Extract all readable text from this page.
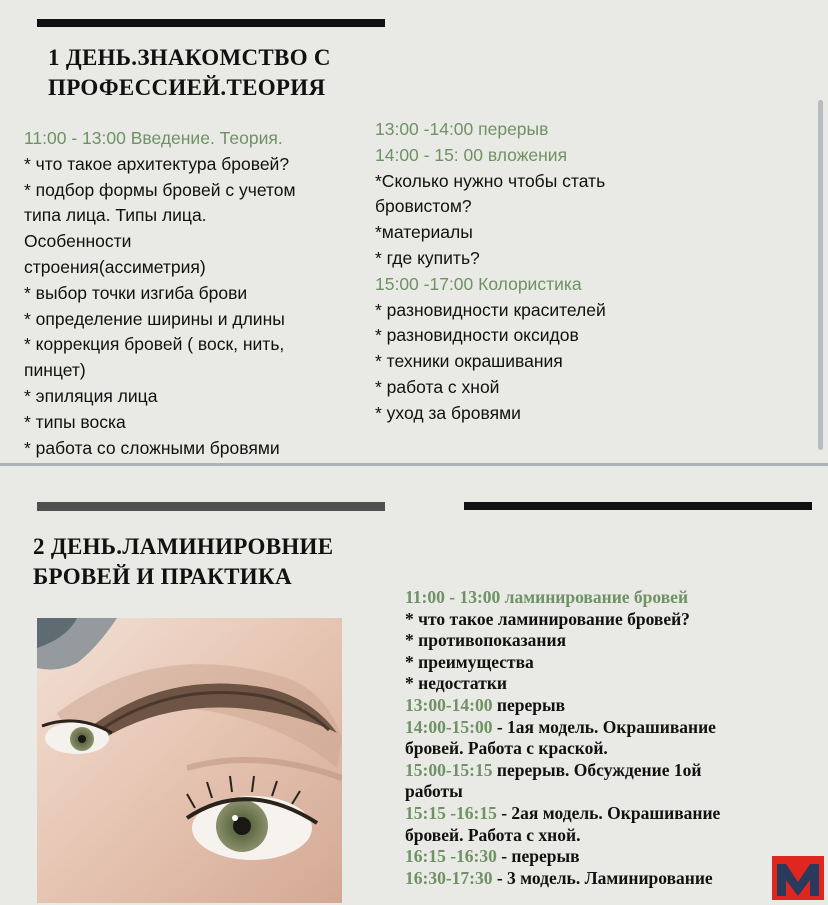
1 ДЕНЬ.ЗНАКОМСТВО С
ПРОФЕССИЕЙ.ТЕОРИЯ
11:00 - 13:00 Введение. Теория.
* что такое архитектура бровей?
* подбор формы бровей с учетом
типа лица. Типы лица.
Особенности
строения(ассиметрия)
* выбор точки изгиба брови
* определение ширины и длины
* коррекция бровей ( воск, нить,
пинцет)
* эпиляция лица
* типы воска
* работа со сложными бровями
13:00 -14:00 перерыв
14:00 - 15: 00 вложения
*Сколько нужно чтобы стать
бровистом?
*материалы
* где купить?
15:00 -17:00 Колористика
* разновидности красителей
* разновидности оксидов
* техники окрашивания
* работа с хной
* уход за бровями
2 ДЕНЬ.ЛАМИНИРОВНИЕ
БРОВЕЙ И ПРАКТИКА
11:00 - 13:00 ламинирование бровей
* что такое ламинирование бровей?
* противопоказания
* преимущества
* недостатки
13:00-14:00 перерыв
14:00-15:00 - 1ая модель. Окрашивание
бровей. Работа с краской.
15:00-15:15 перерыв. Обсуждение 1ой
работы
15:15 -16:15 - 2ая модель. Окрашивание
бровей. Работа с хной.
16:15 -16:30 - перерыв
16:30-17:30 - 3 модель. Ламинирование
